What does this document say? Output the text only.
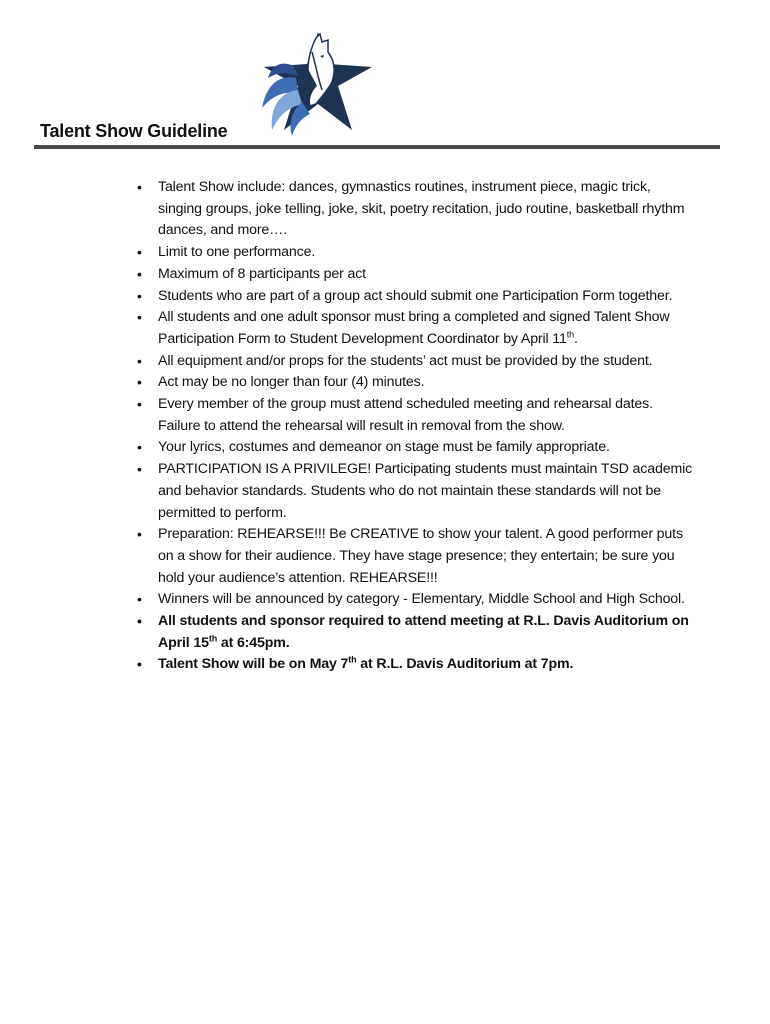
Talent Show Guideline
• Talent Show include: dances, gymnastics routines, instrument piece, magic trick, singing groups, joke telling, joke, skit, poetry recitation, judo routine, basketball rhythm dances, and more….
• Limit to one performance.
• Maximum of 8 participants per act
• Students who are part of a group act should submit one Participation Form together.
• All students and one adult sponsor must bring a completed and signed Talent Show Participation Form to Student Development Coordinator by April 11th.
• All equipment and/or props for the students’ act must be provided by the student.
• Act may be no longer than four (4) minutes.
• Every member of the group must attend scheduled meeting and rehearsal dates. Failure to attend the rehearsal will result in removal from the show.
• Your lyrics, costumes and demeanor on stage must be family appropriate.
• PARTICIPATION IS A PRIVILEGE! Participating students must maintain TSD academic and behavior standards. Students who do not maintain these standards will not be permitted to perform.
• Preparation: REHEARSE!!! Be CREATIVE to show your talent. A good performer puts on a show for their audience. They have stage presence; they entertain; be sure you hold your audience’s attention. REHEARSE!!!
• Winners will be announced by category - Elementary, Middle School and High School.
• All students and sponsor required to attend meeting at R.L. Davis Auditorium on April 15th at 6:45pm.
• Talent Show will be on May 7th at R.L. Davis Auditorium at 7pm.
